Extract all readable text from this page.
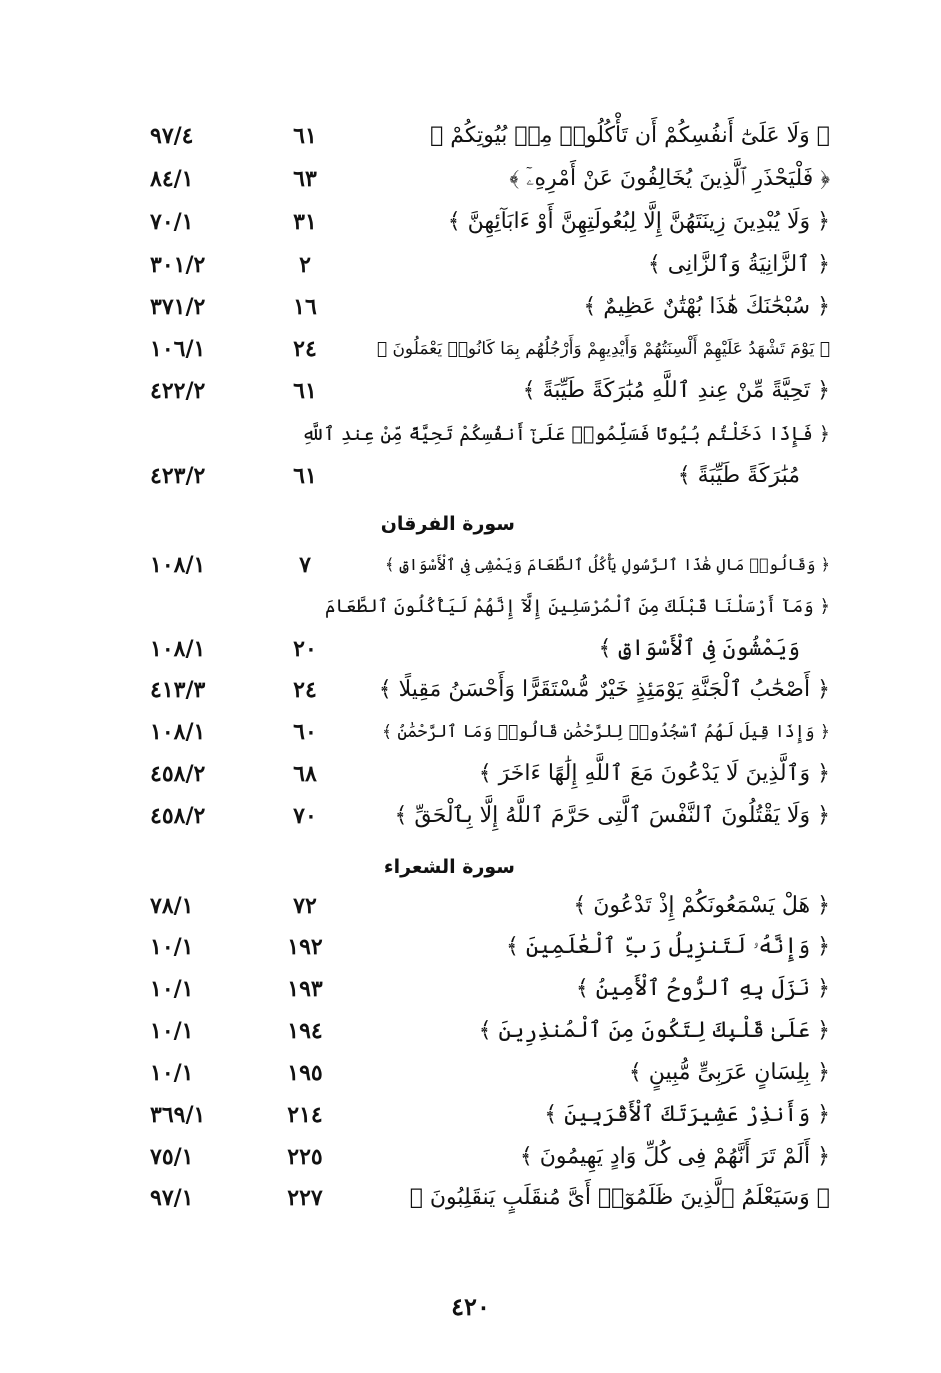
﴿ وَلَا عَلَىٰٓ أَنفُسِكُمْ أَن تَأْكُلُوا۟ مِنۢ بُيُوتِكُمْ ﴾
٦١
٩٧/٤
﴿ فَلْيَحْذَرِ ٱلَّذِينَ يُخَالِفُونَ عَنْ أَمْرِهِۦٓ ﴾
٦٣
٨٤/١
﴿ وَلَا يُبْدِينَ زِينَتَهُنَّ إِلَّا لِبُعُولَتِهِنَّ أَوْ ءَابَآئِهِنَّ ﴾
٣١
٧٠/١
﴿ ٱلزَّانِيَةُ وَٱلزَّانِى ﴾
٢
٣٠١/٢
﴿ سُبْحَٰنَكَ هَٰذَا بُهْتَٰنٌ عَظِيمٌ ﴾
١٦
٣٧١/٢
﴿ يَوْمَ تَشْهَدُ عَلَيْهِمْ أَلْسِنَتُهُمْ وَأَيْدِيهِمْ وَأَرْجُلُهُم بِمَا كَانُوا۟ يَعْمَلُونَ ﴾
٢٤
١٠٦/١
﴿ تَحِيَّةً مِّنْ عِندِ ٱللَّهِ مُبَٰرَكَةً طَيِّبَةً ﴾
٦١
٤٢٢/٢
﴿ فَإِذَا دَخَلْتُم بُيُوتًا فَسَلِّمُوا۟ عَلَىٰٓ أَنفُسِكُمْ تَحِيَّةً مِّنْ عِندِ ٱللَّهِ
مُبَٰرَكَةً طَيِّبَةً ﴾
٦١
٤٢٣/٢
سورة الفرقان
﴿ وَقَالُوا۟ مَالِ هَٰذَا ٱلرَّسُولِ يَأْكُلُ ٱلطَّعَامَ وَيَمْشِى فِى ٱلْأَسْوَاقِ ﴾
٧
١٠٨/١
﴿ وَمَآ أَرْسَلْنَا قَبْلَكَ مِنَ ٱلْمُرْسَلِينَ إِلَّآ إِنَّهُمْ لَيَأْكُلُونَ ٱلطَّعَامَ
وَيَمْشُونَ فِى ٱلْأَسْوَاقِ ﴾
٢٠
١٠٨/١
﴿ أَصْحَٰبُ ٱلْجَنَّةِ يَوْمَئِذٍ خَيْرٌ مُّسْتَقَرًّا وَأَحْسَنُ مَقِيلًا ﴾
٢٤
٤١٣/٣
﴿ وَإِذَا قِيلَ لَهُمُ ٱسْجُدُوا۟ لِلرَّحْمَٰنِ قَالُوا۟ وَمَا ٱلرَّحْمَٰنُ ﴾
٦٠
١٠٨/١
﴿ وَٱلَّذِينَ لَا يَدْعُونَ مَعَ ٱللَّهِ إِلَٰهًا ءَاخَرَ ﴾
٦٨
٤٥٨/٢
﴿ وَلَا يَقْتُلُونَ ٱلنَّفْسَ ٱلَّتِى حَرَّمَ ٱللَّهُ إِلَّا بِٱلْحَقِّ ﴾
٧٠
٤٥٨/٢
سورة الشعراء
﴿ هَلْ يَسْمَعُونَكُمْ إِذْ تَدْعُونَ ﴾
٧٢
٧٨/١
﴿ وَإِنَّهُۥ لَتَنزِيلُ رَبِّ ٱلْعَٰلَمِينَ ﴾
١٩٢
١٠/١
﴿ نَزَلَ بِهِ ٱلرُّوحُ ٱلْأَمِينُ ﴾
١٩٣
١٠/١
﴿ عَلَىٰ قَلْبِكَ لِتَكُونَ مِنَ ٱلْمُنذِرِينَ ﴾
١٩٤
١٠/١
﴿ بِلِسَانٍ عَرَبِىٍّ مُّبِينٍ ﴾
١٩٥
١٠/١
﴿ وَأَنذِرْ عَشِيرَتَكَ ٱلْأَقْرَبِينَ ﴾
٢١٤
٣٦٩/١
﴿ أَلَمْ تَرَ أَنَّهُمْ فِى كُلِّ وَادٍ يَهِيمُونَ ﴾
٢٢٥
٧٥/١
﴿ وَسَيَعْلَمُ ٱلَّذِينَ ظَلَمُوٓا۟ أَىَّ مُنقَلَبٍ يَنقَلِبُونَ ﴾
٢٢٧
٩٧/١
٤٢٠
